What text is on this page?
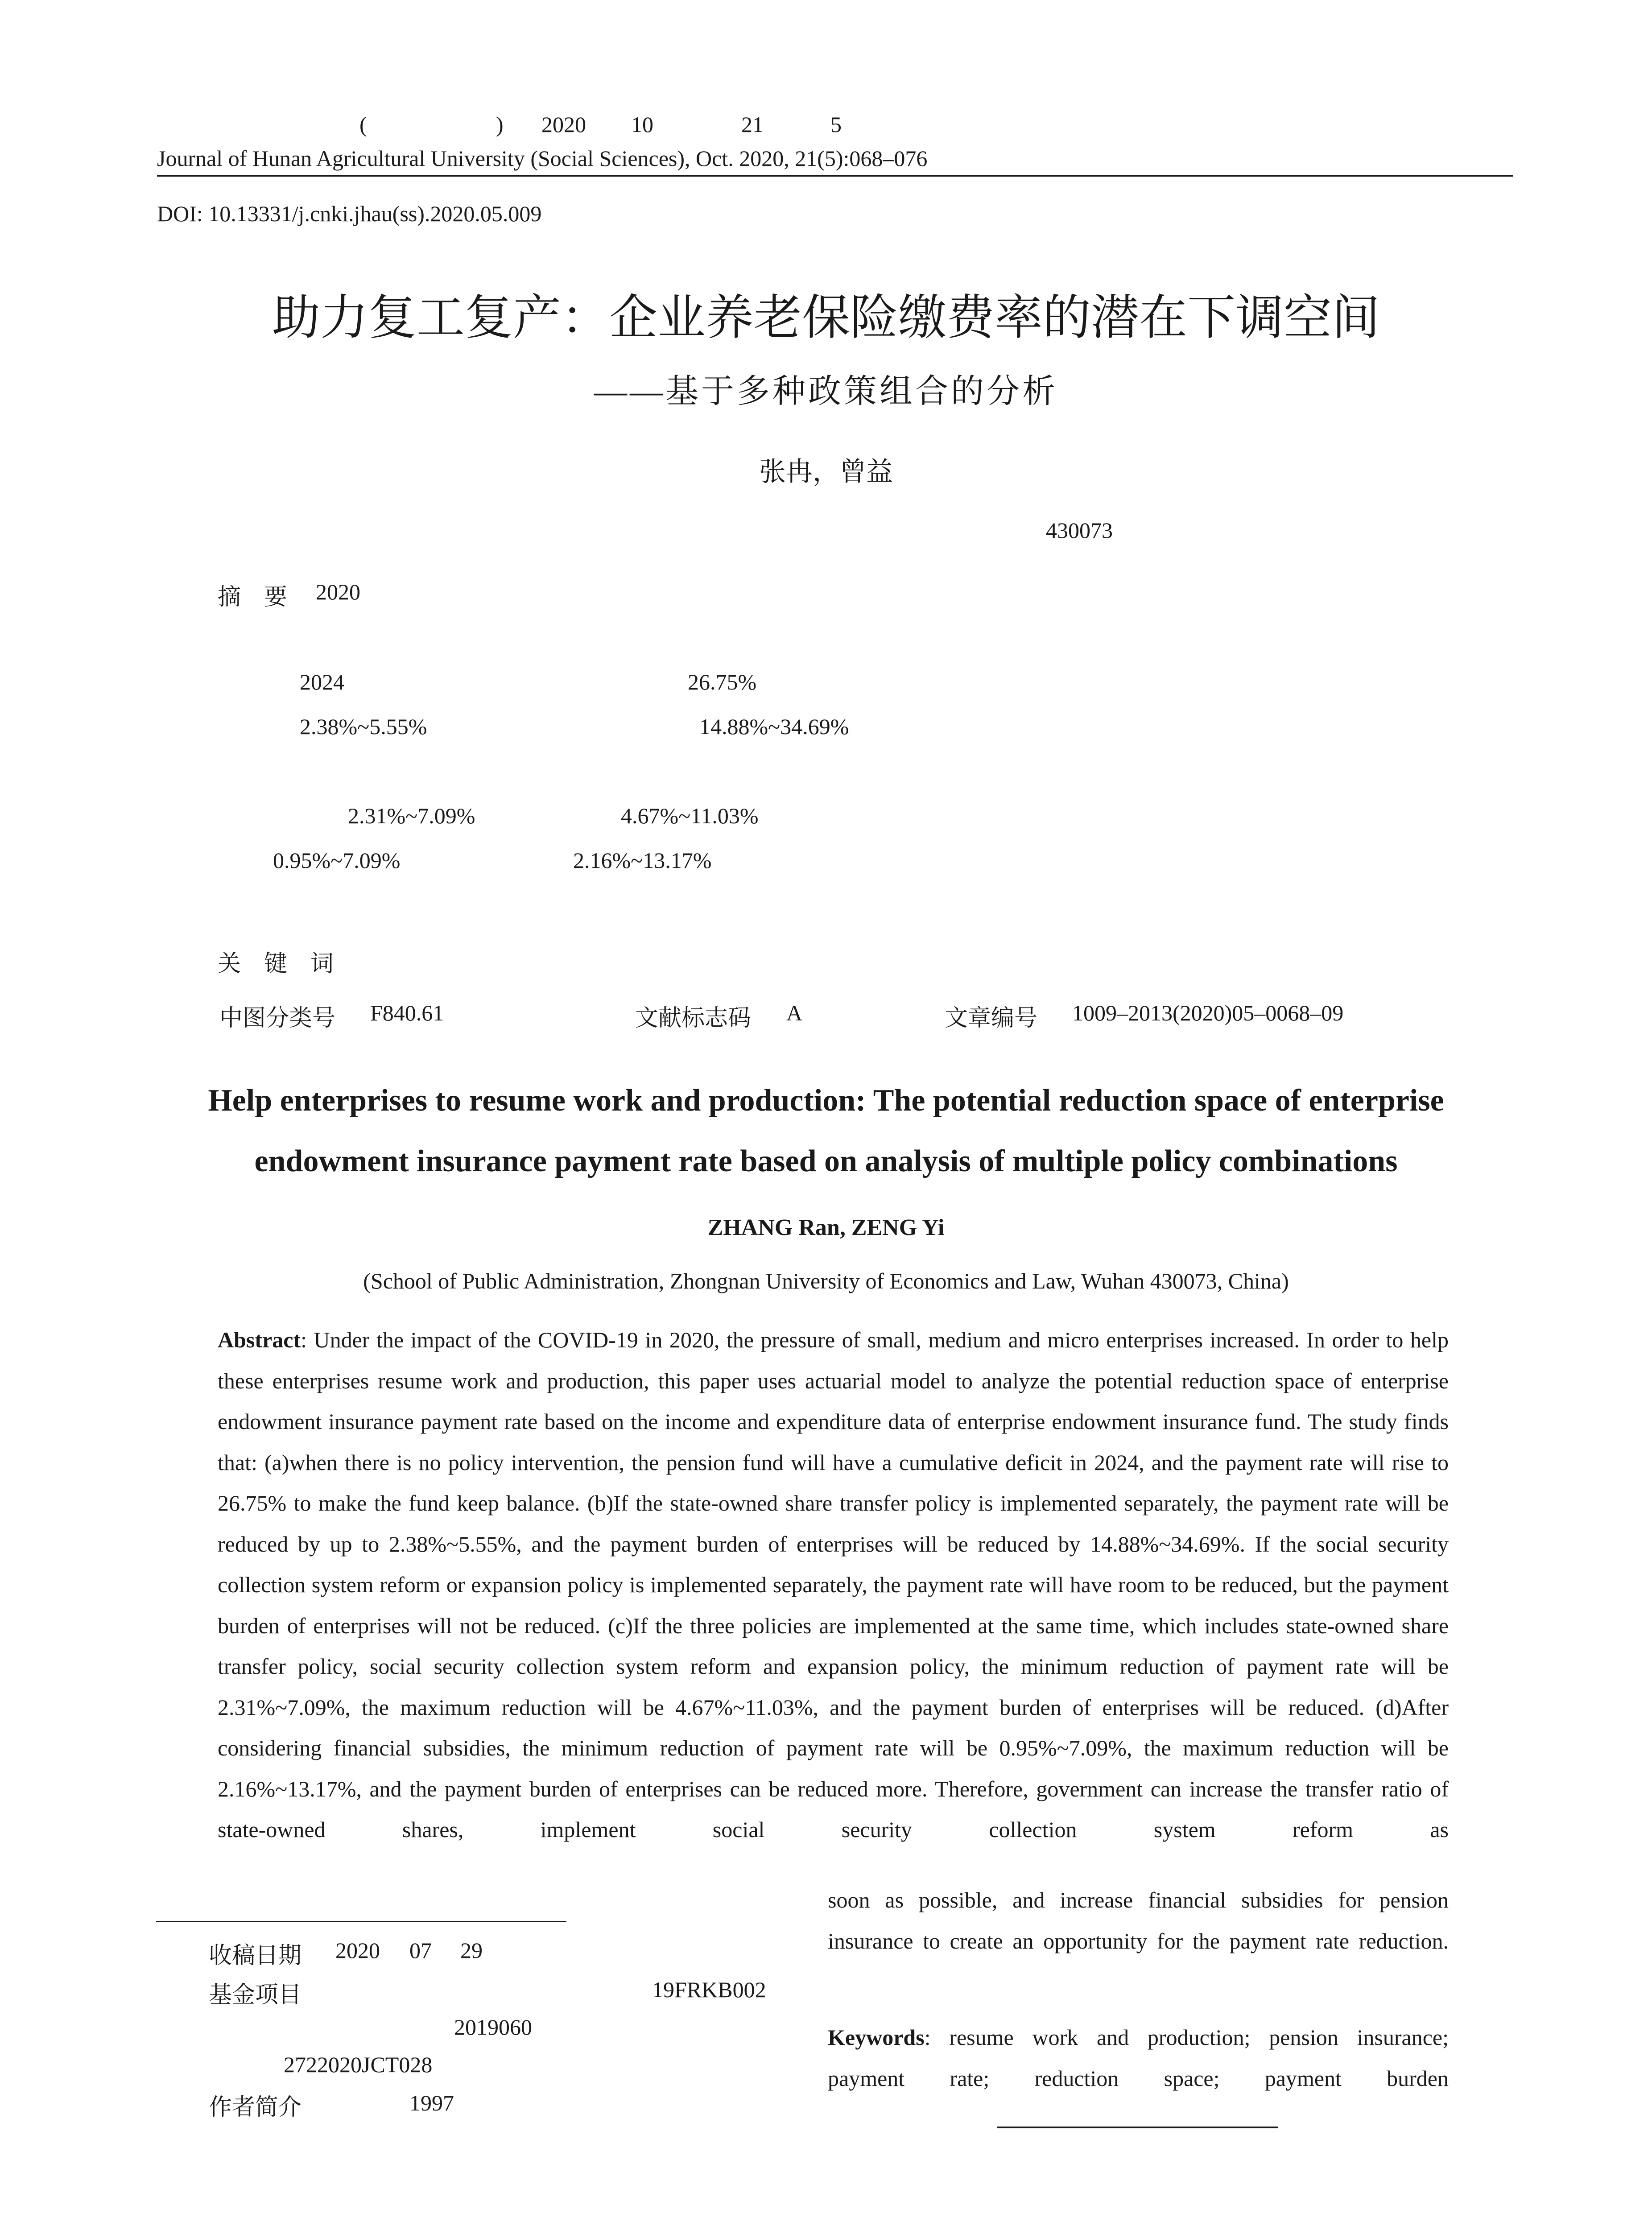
(	) 2020 10	21	5
Journal of Hunan Agricultural University (Social Sciences), Oct. 2020, 21(5):068–076
DOI: 10.13331/j.cnki.jhau(ss).2020.05.009
助力复工复产：企业养老保险缴费率的潜在下调空间
——基于多种政策组合的分析
张冉，曾益
430073
摘　要 2020
2024	26.75%
2.38%~5.55%	14.88%~34.69%
2.31%~7.09%	4.67%~11.03%
0.95%~7.09%	2.16%~13.17%
关　键　词
中图分类号 F840.61	文献标志码 A	文章编号 1009–2013(2020)05–0068–09
Help enterprises to resume work and production: The potential reduction space of enterprise
endowment insurance payment rate based on analysis of multiple policy combinations
ZHANG Ran, ZENG Yi
(School of Public Administration, Zhongnan University of Economics and Law, Wuhan 430073, China)
Abstract: Under the impact of the COVID-19 in 2020, the pressure of small, medium and micro enterprises increased. In order to help these enterprises resume work and production, this paper uses actuarial model to analyze the potential reduction space of enterprise endowment insurance payment rate based on the income and expenditure data of enterprise endowment insurance fund. The study finds that: (a)when there is no policy intervention, the pension fund will have a cumulative deficit in 2024, and the payment rate will rise to 26.75% to make the fund keep balance. (b)If the state-owned share transfer policy is implemented separately, the payment rate will be reduced by up to 2.38%~5.55%, and the payment burden of enterprises will be reduced by 14.88%~34.69%. If the social security collection system reform or expansion policy is implemented separately, the payment rate will have room to be reduced, but the payment burden of enterprises will not be reduced. (c)If the three policies are implemented at the same time, which includes state-owned share transfer policy, social security collection system reform and expansion policy, the minimum reduction of payment rate will be 2.31%~7.09%, the maximum reduction will be 4.67%~11.03%, and the payment burden of enterprises will be reduced. (d)After considering financial subsidies, the minimum reduction of payment rate will be 0.95%~7.09%, the maximum reduction will be 2.16%~13.17%, and the payment burden of enterprises can be reduced more. Therefore, government can increase the transfer ratio of state-owned shares, implement social security collection system reform as
收稿日期 2020 07 29
基金项目	19FRKB002
2019060
2722020JCT028
作者简介	1997
soon as possible, and increase financial subsidies for pension insurance to create an opportunity for the payment rate reduction.
Keywords: resume work and production; pension insurance; payment rate; reduction space; payment burden
